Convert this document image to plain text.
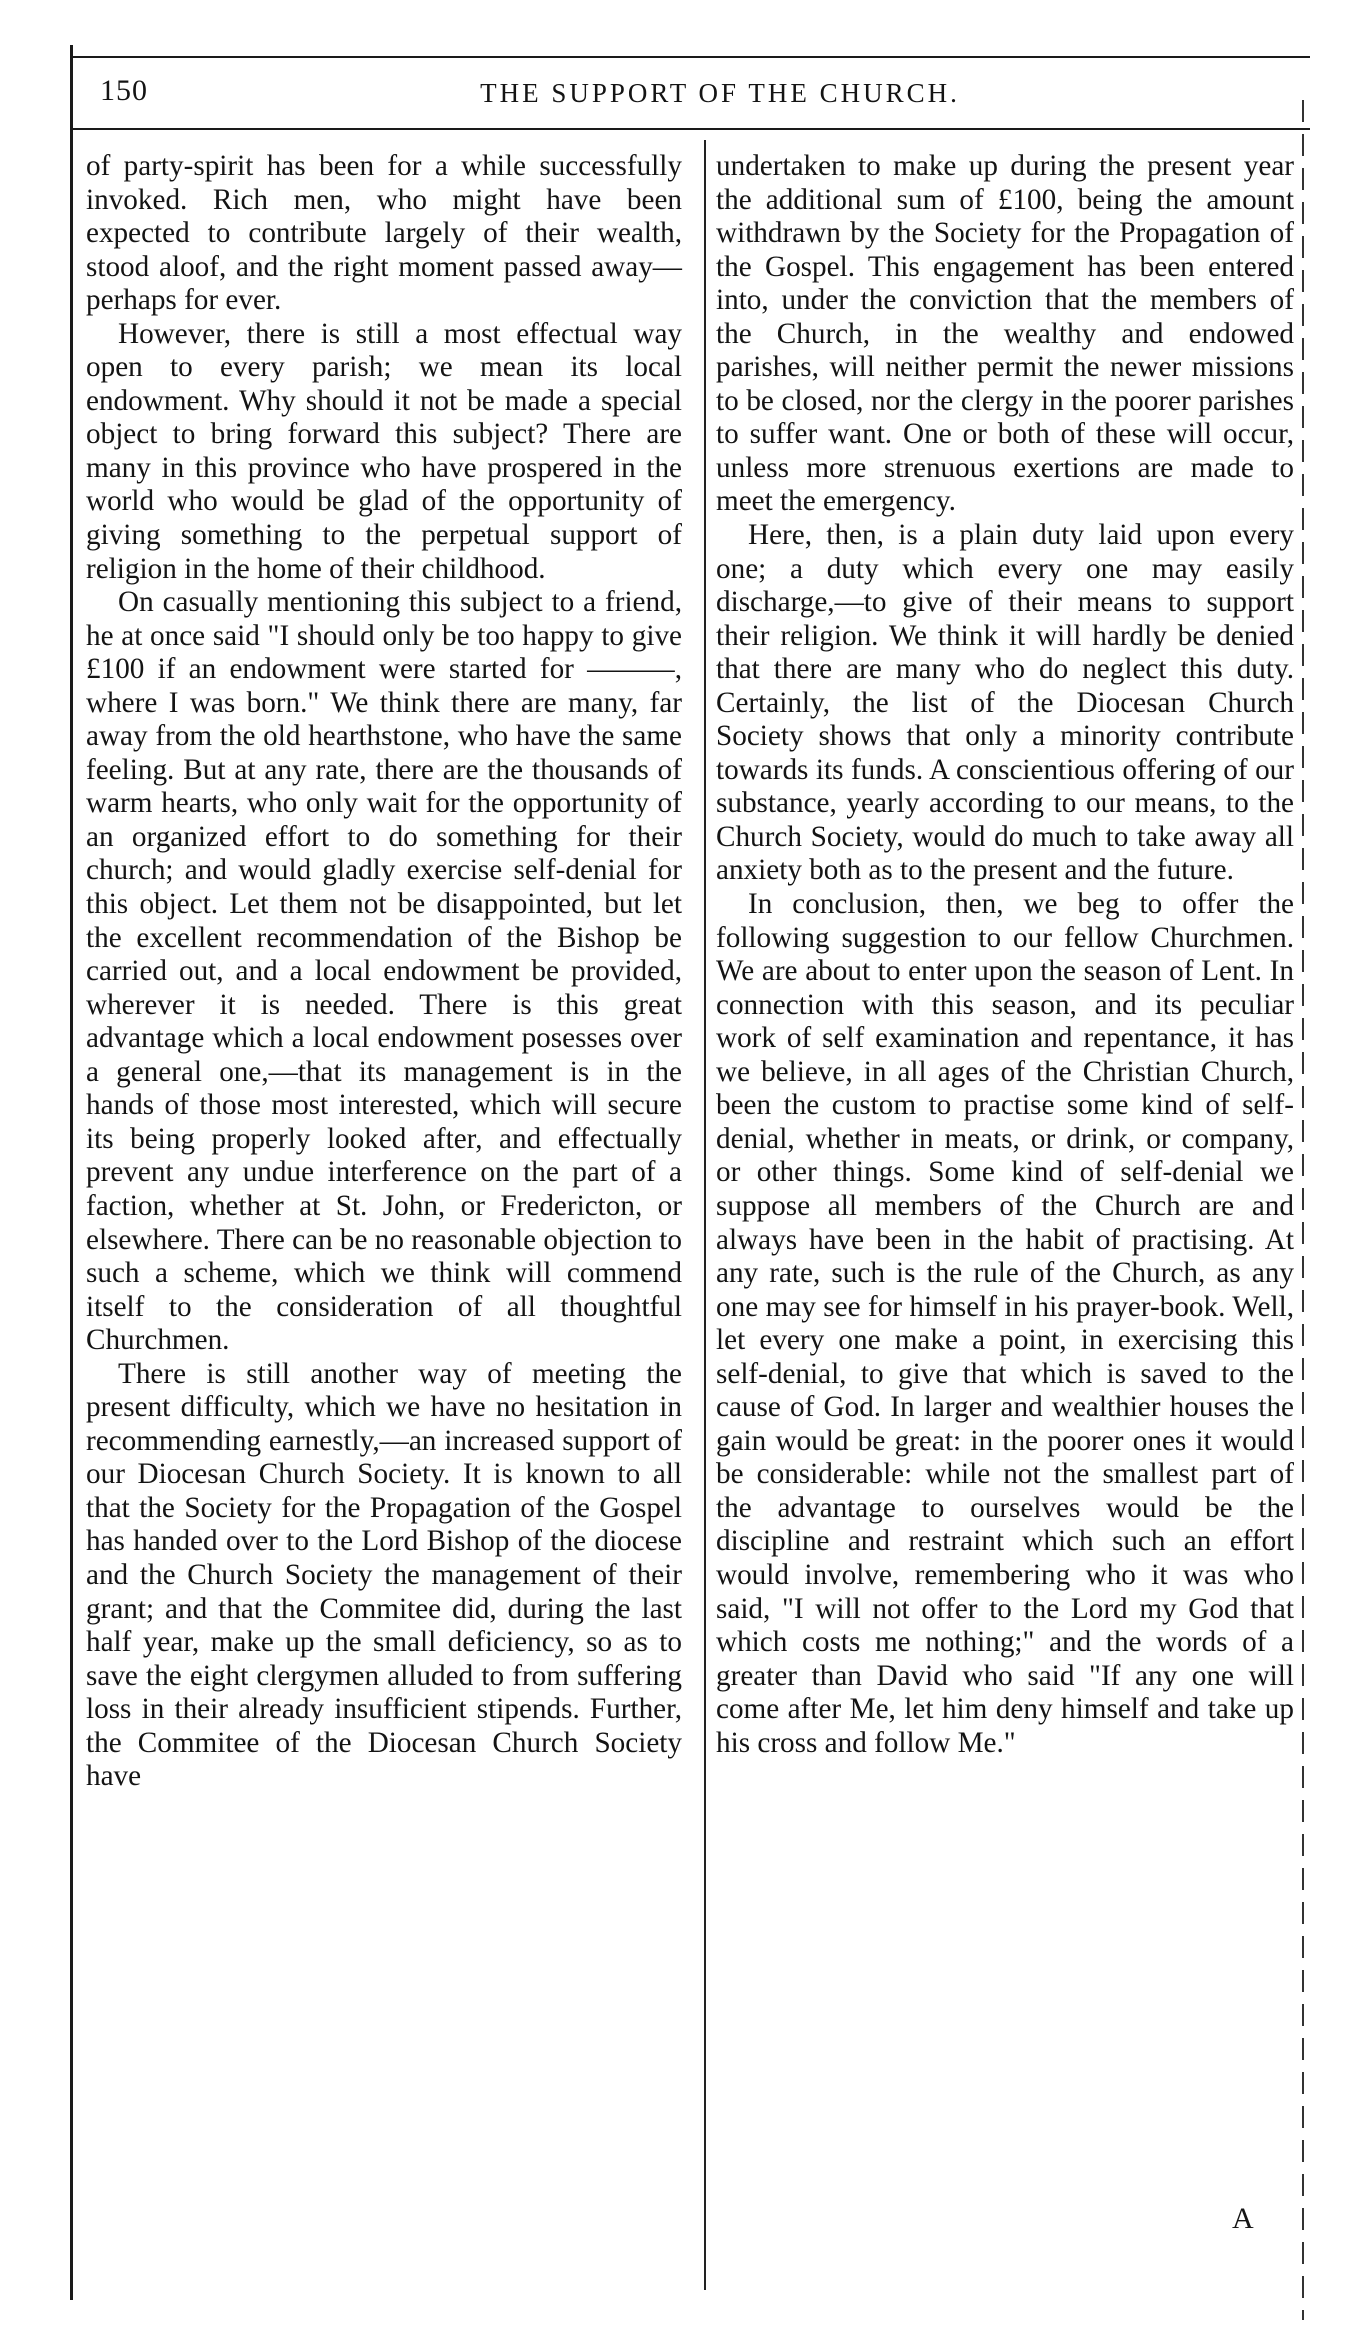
150	THE SUPPORT OF THE CHURCH.

of party-spirit has been for a while successfully invoked. Rich men, who might have been expected to contribute largely of their wealth, stood aloof, and the right moment passed away—perhaps for ever.

However, there is still a most effectual way open to every parish; we mean its local endowment. Why should it not be made a special object to bring forward this subject? There are many in this province who have prospered in the world who would be glad of the opportunity of giving something to the perpetual support of religion in the home of their childhood.

On casually mentioning this subject to a friend, he at once said "I should only be too happy to give £100 if an endowment were started for ———, where I was born." We think there are many, far away from the old hearthstone, who have the same feeling. But at any rate, there are the thousands of warm hearts, who only wait for the opportunity of an organized effort to do something for their church; and would gladly exercise self-denial for this object. Let them not be disappointed, but let the excellent recommendation of the Bishop be carried out, and a local endowment be provided, wherever it is needed. There is this great advantage which a local endowment posesses over a general one,—that its management is in the hands of those most interested, which will secure its being properly looked after, and effectually prevent any undue interference on the part of a faction, whether at St. John, or Fredericton, or elsewhere. There can be no reasonable objection to such a scheme, which we think will commend itself to the consideration of all thoughtful Churchmen.

There is still another way of meeting the present difficulty, which we have no hesitation in recommending earnestly,—an increased support of our Diocesan Church Society. It is known to all that the Society for the Propagation of the Gospel has handed over to the Lord Bishop of the diocese and the Church Society the management of their grant; and that the Commitee did, during the last half year, make up the small deficiency, so as to save the eight clergymen alluded to from suffering loss in their already insufficient stipends. Further, the Commitee of the Diocesan Church Society have

undertaken to make up during the present year the additional sum of £100, being the amount withdrawn by the Society for the Propagation of the Gospel. This engagement has been entered into, under the conviction that the members of the Church, in the wealthy and endowed parishes, will neither permit the newer missions to be closed, nor the clergy in the poorer parishes to suffer want. One or both of these will occur, unless more strenuous exertions are made to meet the emergency.

Here, then, is a plain duty laid upon every one; a duty which every one may easily discharge,—to give of their means to support their religion. We think it will hardly be denied that there are many who do neglect this duty. Certainly, the list of the Diocesan Church Society shows that only a minority contribute towards its funds. A conscientious offering of our substance, yearly according to our means, to the Church Society, would do much to take away all anxiety both as to the present and the future.

In conclusion, then, we beg to offer the following suggestion to our fellow Churchmen. We are about to enter upon the season of Lent. In connection with this season, and its peculiar work of self examination and repentance, it has we believe, in all ages of the Christian Church, been the custom to practise some kind of self-denial, whether in meats, or drink, or company, or other things. Some kind of self-denial we suppose all members of the Church are and always have been in the habit of practising. At any rate, such is the rule of the Church, as any one may see for himself in his prayer-book. Well, let every one make a point, in exercising this self-denial, to give that which is saved to the cause of God. In larger and wealthier houses the gain would be great: in the poorer ones it would be considerable: while not the smallest part of the advantage to ourselves would be the discipline and restraint which such an effort would involve, remembering who it was who said, "I will not offer to the Lord my God that which costs me nothing;" and the words of a greater than David who said "If any one will come after Me, let him deny himself and take up his cross and follow Me."

A
